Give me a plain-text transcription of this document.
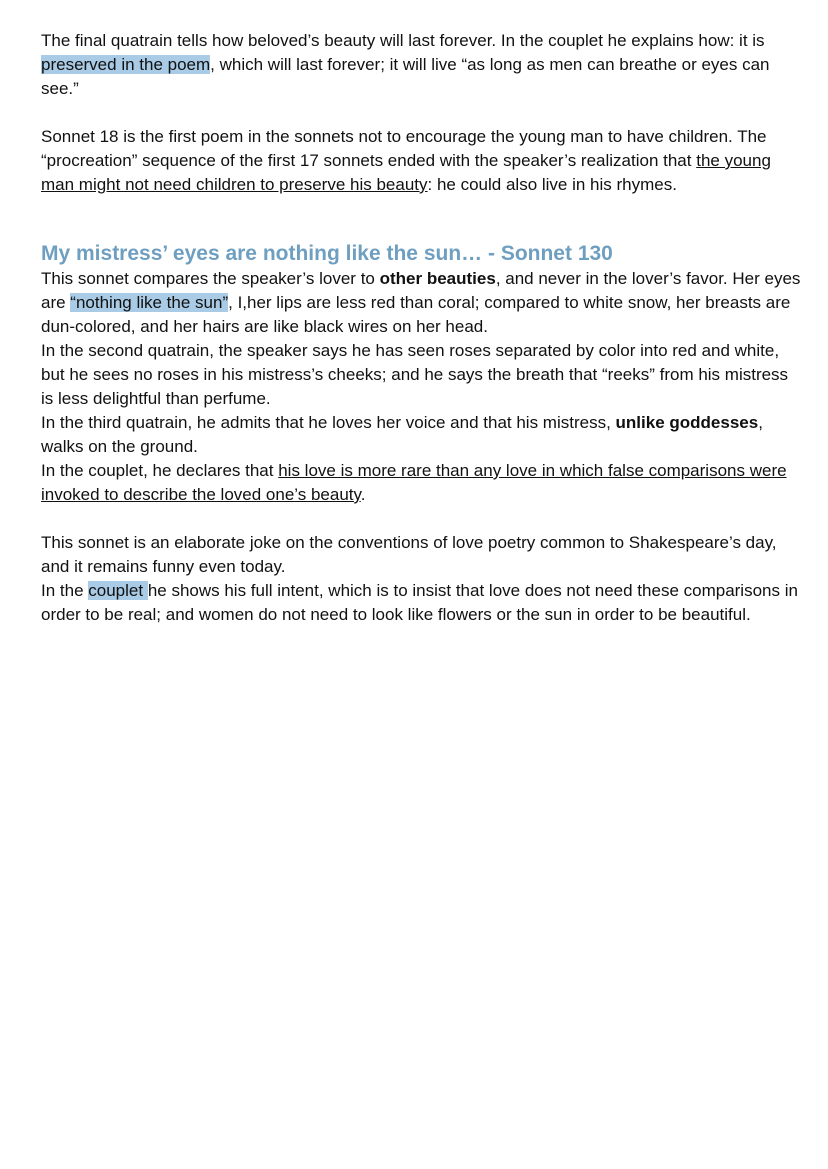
The final quatrain tells how beloved’s beauty will last forever. In the couplet he explains how: it is preserved in the poem, which will last forever; it will live “as long as men can breathe or eyes can see.”

Sonnet 18 is the first poem in the sonnets not to encourage the young man to have children. The “procreation” sequence of the first 17 sonnets ended with the speaker’s realization that the young man might not need children to preserve his beauty: he could also live in his rhymes.

My mistress’ eyes are nothing like the sun… - Sonnet 130

This sonnet compares the speaker’s lover to other beauties, and never in the lover’s favor. Her eyes are “nothing like the sun”, I,her lips are less red than coral; compared to white snow, her breasts are dun-colored, and her hairs are like black wires on her head.

In the second quatrain, the speaker says he has seen roses separated by color into red and white, but he sees no roses in his mistress’s cheeks; and he says the breath that “reeks” from his mistress is less delightful than perfume.

In the third quatrain, he admits that he loves her voice and that his mistress, unlike goddesses, walks on the ground.

In the couplet, he declares that his love is more rare than any love in which false comparisons were invoked to describe the loved one’s beauty.

This sonnet is an elaborate joke on the conventions of love poetry common to Shakespeare’s day, and it remains funny even today.

In the couplet he shows his full intent, which is to insist that love does not need these comparisons in order to be real; and women do not need to look like flowers or the sun in order to be beautiful.
